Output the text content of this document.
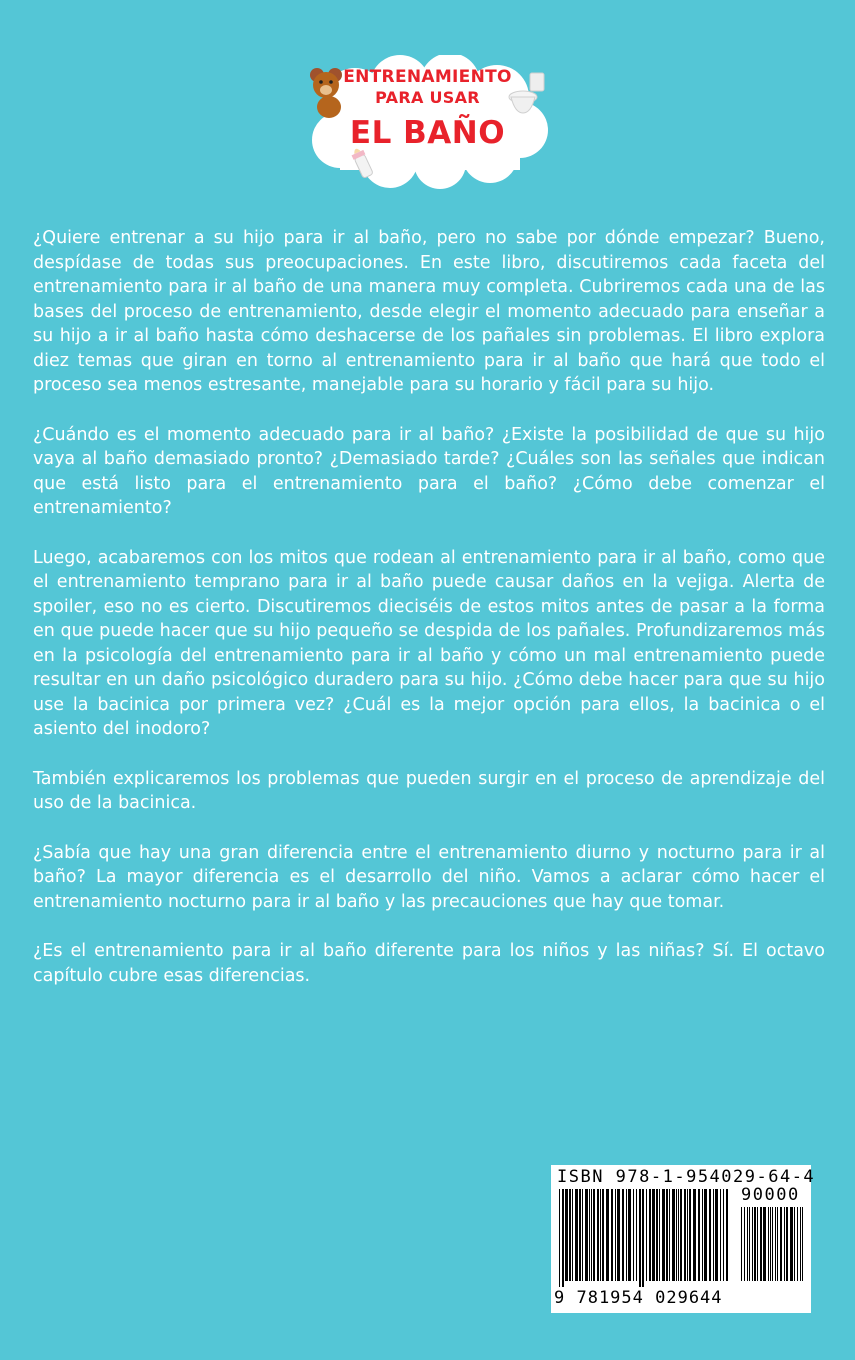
ENTRENAMIENTO
PARA USAR
EL BAÑO

¿Quiere entrenar a su hijo para ir al baño, pero no sabe por dónde empezar? Bueno, despídase de todas sus preocupaciones. En este libro, discutiremos cada faceta del entrenamiento para ir al baño de una manera muy completa. Cubriremos cada una de las bases del proceso de entrenamiento, desde elegir el momento adecuado para enseñar a su hijo a ir al baño hasta cómo deshacerse de los pañales sin problemas. El libro explora diez temas que giran en torno al entrenamiento para ir al baño que hará que todo el proceso sea menos estresante, manejable para su horario y fácil para su hijo.

¿Cuándo es el momento adecuado para ir al baño? ¿Existe la posibilidad de que su hijo vaya al baño demasiado pronto? ¿Demasiado tarde? ¿Cuáles son las señales que indican que está listo para el entrenamiento para el baño? ¿Cómo debe comenzar el entrenamiento?

Luego, acabaremos con los mitos que rodean al entrenamiento para ir al baño, como que el entrenamiento temprano para ir al baño puede causar daños en la vejiga. Alerta de spoiler, eso no es cierto. Discutiremos dieciséis de estos mitos antes de pasar a la forma en que puede hacer que su hijo pequeño se despida de los pañales. Profundizaremos más en la psicología del entrenamiento para ir al baño y cómo un mal entrenamiento puede resultar en un daño psicológico duradero para su hijo. ¿Cómo debe hacer para que su hijo use la bacinica por primera vez? ¿Cuál es la mejor opción para ellos, la bacinica o el asiento del inodoro?

También explicaremos los problemas que pueden surgir en el proceso de aprendizaje del uso de la bacinica.

¿Sabía que hay una gran diferencia entre el entrenamiento diurno y nocturno para ir al baño? La mayor diferencia es el desarrollo del niño. Vamos a aclarar cómo hacer el entrenamiento nocturno para ir al baño y las precauciones que hay que tomar.

¿Es el entrenamiento para ir al baño diferente para los niños y las niñas? Sí. El octavo capítulo cubre esas diferencias.

ISBN 978-1-954029-64-4
90000
9 781954 029644
